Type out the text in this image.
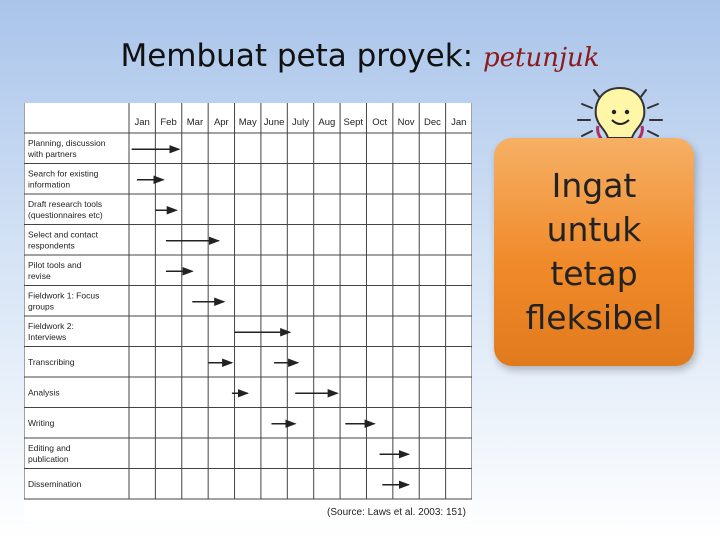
Membuat peta proyek: petunjuk
Jan Feb Mar Apr May June July Aug Sept Oct Nov Dec Jan
Planning, discussion with partners
Search for existing information
Draft research tools (questionnaires etc)
Select and contact respondents
Pilot tools and revise
Fieldwork 1: Focus groups
Fieldwork 2: Interviews
Transcribing
Analysis
Writing
Editing and publication
Dissemination
(Source: Laws et al. 2003: 151)
Ingat
untuk
tetap
fleksibel
